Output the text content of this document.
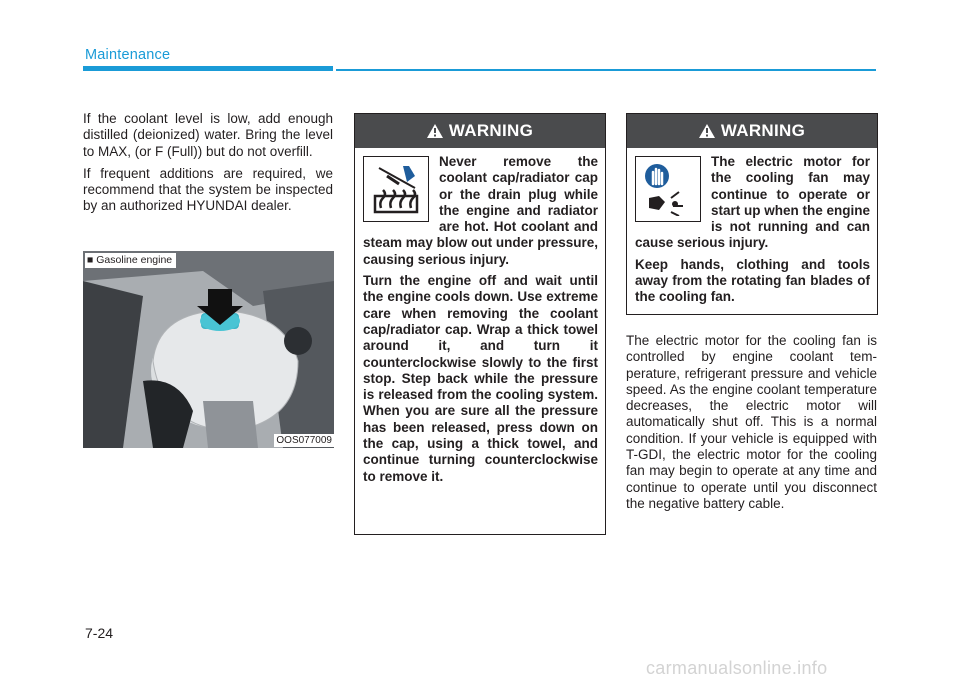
Maintenance

If the coolant level is low, add enough distilled (deionized) water. Bring the level to MAX, (or F (Full)) but do not overfill.

If frequent additions are required, we recommend that the system be inspected by an authorized HYUNDAI dealer.

■ Gasoline engine
OOS077009
WARNING

Never remove the coolant cap/radiator cap or the drain plug while the engine and radiator are hot. Hot coolant and steam may blow out under pressure, causing serious injury.

Turn the engine off and wait until the engine cools down. Use extreme care when removing the coolant cap/radiator cap. Wrap a thick towel around it, and turn it counterclockwise slowly to the first stop. Step back while the pressure is released from the cooling system. When you are sure all the pressure has been released, press down on the cap, using a thick towel, and continue turning counterclockwise to remove it.

WARNING

The electric motor for the cooling fan may continue to operate or start up when the engine is not running and can cause serious injury.

Keep hands, clothing and tools away from the rotating fan blades of the cooling fan.

The electric motor for the cooling fan is controlled by engine coolant tem-perature, refrigerant pressure and vehicle speed. As the engine coolant temperature decreases, the electric motor will automatically shut off. This is a normal condition. If your vehicle is equipped with T-GDI, the electric motor for the cooling fan may begin to operate at any time and continue to operate until you disconnect the negative battery cable.

7-24
carmanualsonline.info
